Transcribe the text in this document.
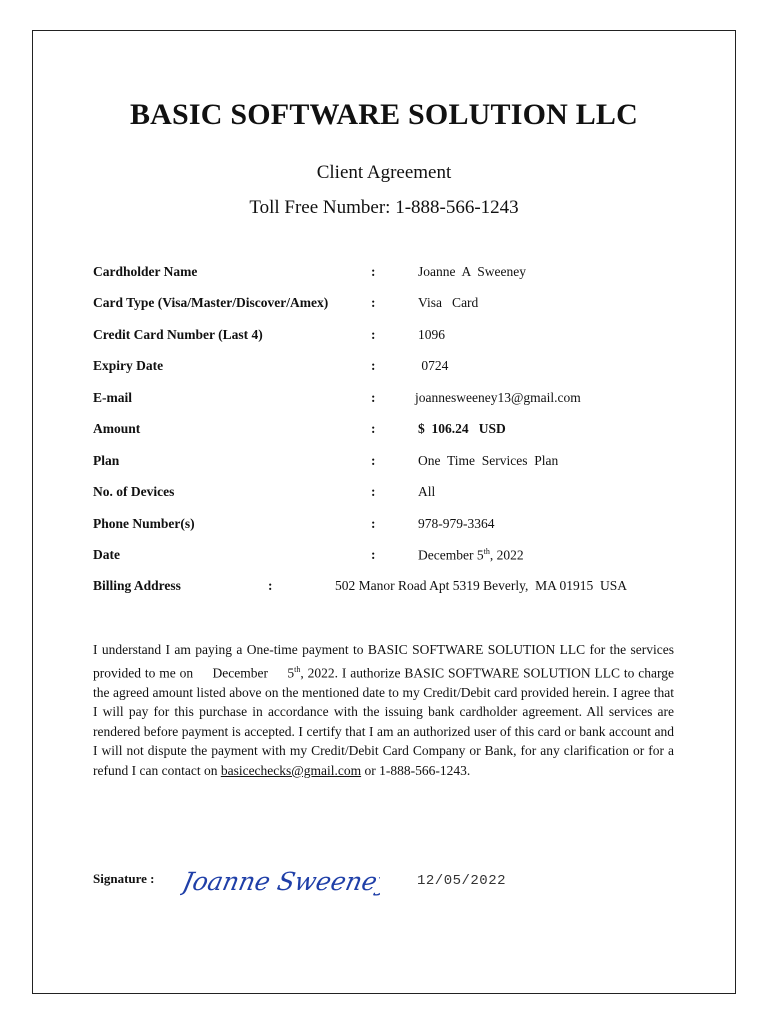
BASIC SOFTWARE SOLUTION LLC
Client Agreement
Toll Free Number: 1-888-566-1243
Cardholder Name	:	Joanne  A  Sweeney
Card Type (Visa/Master/Discover/Amex)	:	Visa   Card
Credit Card Number (Last 4)	:	1096
Expiry Date	:	0724
E-mail	:	joannesweeney13@gmail.com
Amount	:	$  106.24   USD
Plan	:	One  Time  Services  Plan
No. of Devices	:	All
Phone Number(s)	:	978-979-3364
Date	:	December 5th, 2022
Billing Address	:	502 Manor Road Apt 5319 Beverly,  MA 01915  USA
I understand I am paying a One-time payment to BASIC SOFTWARE SOLUTION LLC for the services provided to me on     December     5th, 2022. I authorize BASIC SOFTWARE SOLUTION LLC to charge the agreed amount listed above on the mentioned date to my Credit/Debit card provided herein. I agree that I will pay for this purchase in accordance with the issuing bank cardholder agreement. All services are rendered before payment is accepted. I certify that I am an authorized user of this card or bank account and I will not dispute the payment with my Credit/Debit Card Company or Bank, for any clarification or for a refund I can contact on basicechecks@gmail.com or 1-888-566-1243.
Signature : Joanne Sweeney 12/05/2022
